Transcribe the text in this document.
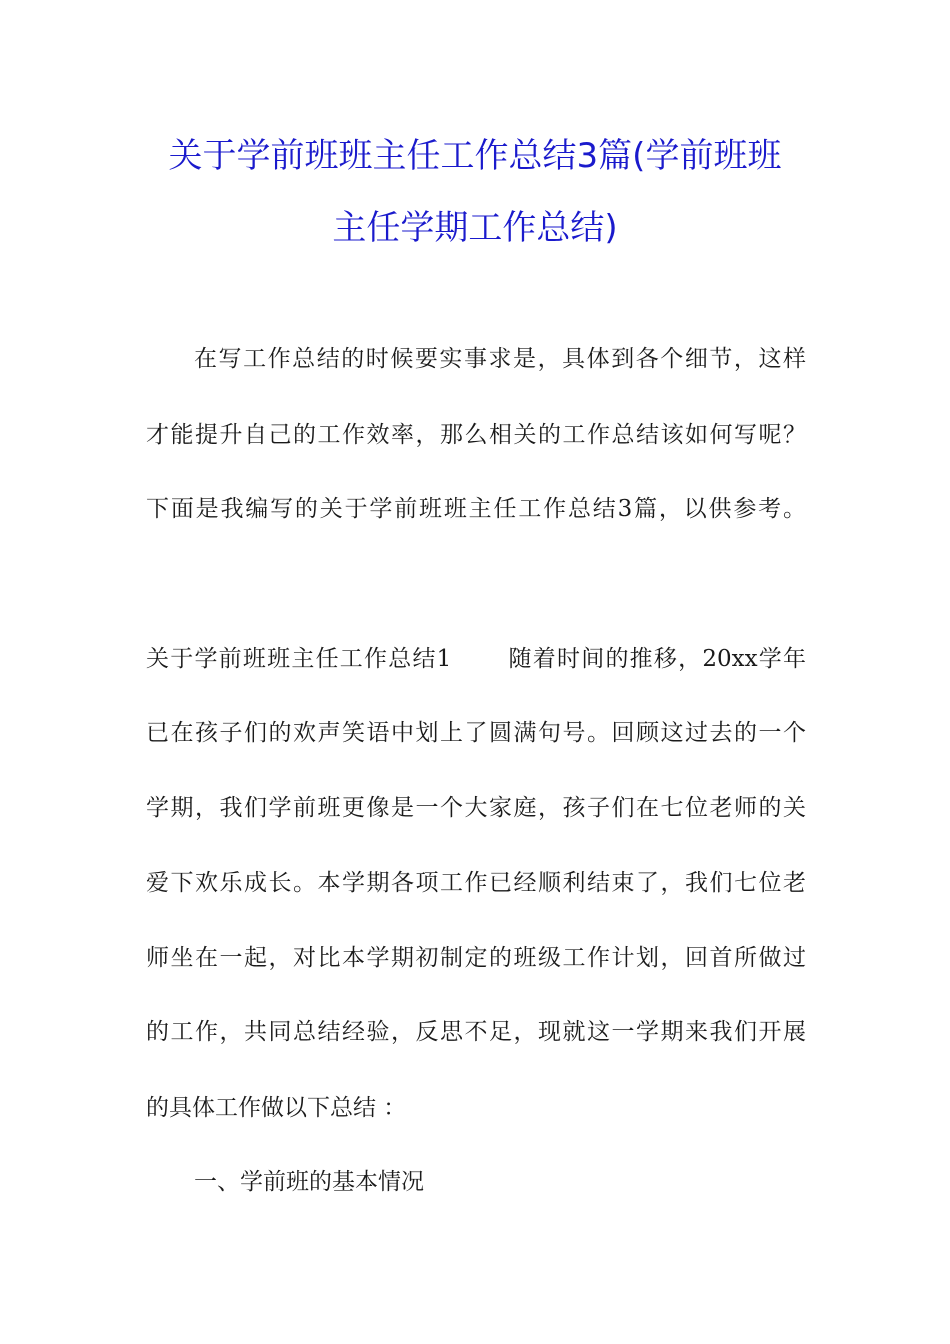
关于学前班班主任工作总结3篇(学前班班
主任学期工作总结)
在写工作总结的时候要实事求是，具体到各个细节，这样
才能提升自己的工作效率，那么相关的工作总结该如何写呢？
下面是我编写的关于学前班班主任工作总结3篇，以供参考。
关于学前班班主任工作总结1 随着时间的推移，20xx学年
已在孩子们的欢声笑语中划上了圆满句号。回顾这过去的一个
学期，我们学前班更像是一个大家庭，孩子们在七位老师的关
爱下欢乐成长。本学期各项工作已经顺利结束了，我们七位老
师坐在一起，对比本学期初制定的班级工作计划，回首所做过
的工作，共同总结经验，反思不足，现就这一学期来我们开展
的具体工作做以下总结 ：
一、学前班的基本情况
